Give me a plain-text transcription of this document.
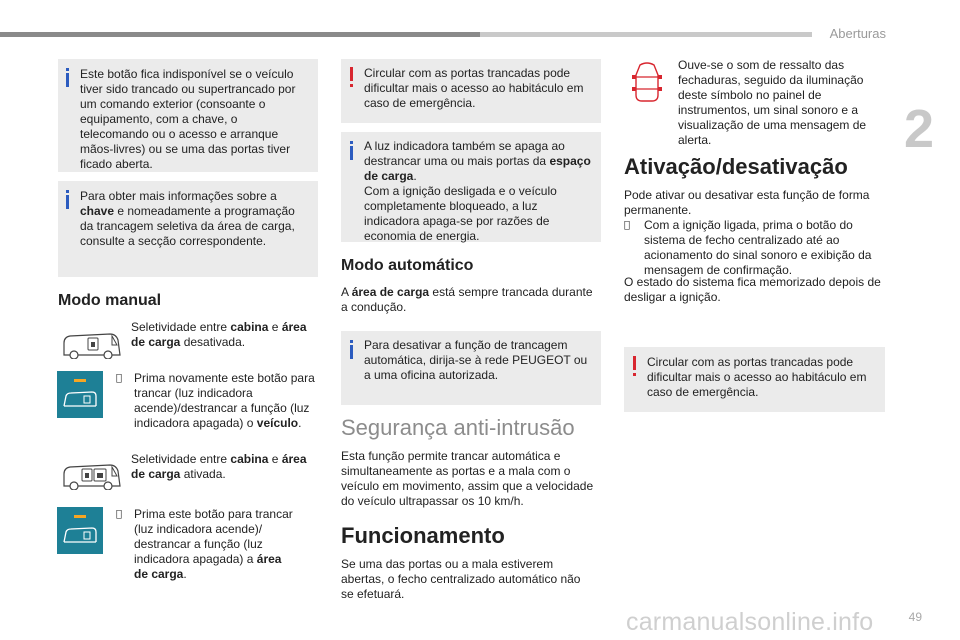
Aberturas
2
49
carmanualsonline.info
Este botão fica indisponível se o veículo tiver sido trancado ou supertrancado por um comando exterior (consoante o equipamento, com a chave, o telecomando ou o acesso e arranque mãos-livres) ou se uma das portas tiver ficado aberta.
Para obter mais informações sobre a chave e nomeadamente a programação da trancagem seletiva da área de carga, consulte a secção correspondente.
Modo manual
Seletividade entre cabina e área de carga desativada.
Prima novamente este botão para trancar (luz indicadora acende)/destrancar a função (luz indicadora apagada) o veículo.
Seletividade entre cabina e área de carga ativada.
Prima este botão para trancar (luz indicadora acende)/ destrancar a função (luz indicadora apagada) a área de carga.
Circular com as portas trancadas pode dificultar mais o acesso ao habitáculo em caso de emergência.
A luz indicadora também se apaga ao destrancar uma ou mais portas da espaço de carga.
Com a ignição desligada e o veículo completamente bloqueado, a luz indicadora apaga-se por razões de economia de energia.
Modo automático
A área de carga está sempre trancada durante a condução.
Para desativar a função de trancagem automática, dirija-se à rede PEUGEOT ou a uma oficina autorizada.
Segurança anti-intrusão
Esta função permite trancar automática e simultaneamente as portas e a mala com o veículo em movimento, assim que a velocidade do veículo ultrapassar os 10 km/h.
Funcionamento
Se uma das portas ou a mala estiverem abertas, o fecho centralizado automático não se efetuará.
Ouve-se o som de ressalto das fechaduras, seguido da iluminação deste símbolo no painel de instrumentos, um sinal sonoro e a visualização de uma mensagem de alerta.
Ativação/desativação
Pode ativar ou desativar esta função de forma permanente.
Com a ignição ligada, prima o botão do sistema de fecho centralizado até ao acionamento do sinal sonoro e exibição da mensagem de confirmação.
O estado do sistema fica memorizado depois de desligar a ignição.
Circular com as portas trancadas pode dificultar mais o acesso ao habitáculo em caso de emergência.
